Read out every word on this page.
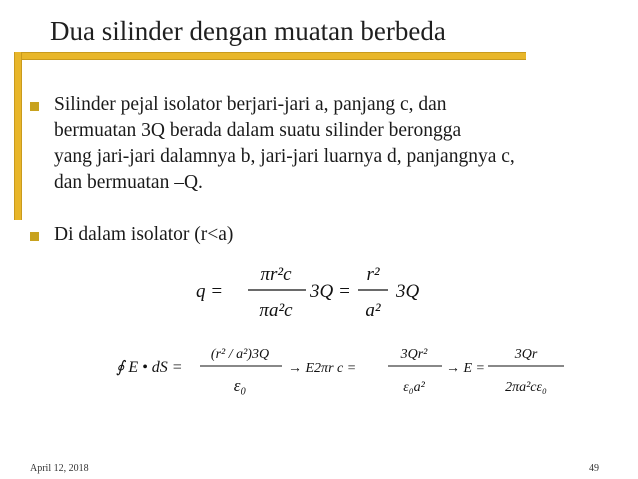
Dua silinder dengan muatan berbeda
Silinder pejal isolator berjari-jari a, panjang c, dan
bermuatan 3Q berada dalam suatu silinder berongga
yang jari-jari dalamnya b, jari-jari luarnya d, panjangnya c,
dan bermuatan –Q.
Di dalam isolator (r<a)
q =
πr²c
πa²c
3Q =
r²
a²
3Q
∮ E • dS =
(r² / a²)3Q
ε₀
→ E2πr c =
3Qr²
ε₀a²
→ E =
3Qr
2πa²cε₀
April 12, 2018	49
